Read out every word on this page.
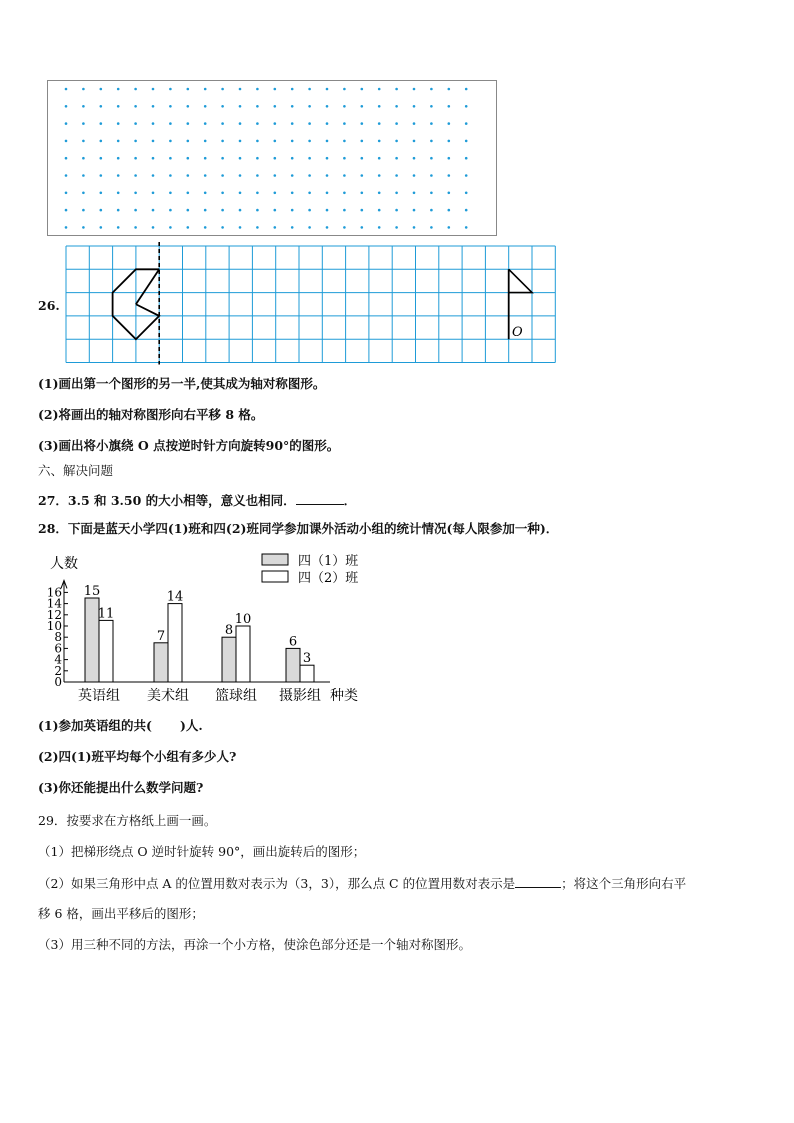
26.
O
(1)画出第一个图形的另一半,使其成为轴对称图形。
(2)将画出的轴对称图形向右平移 8 格。
(3)画出将小旗绕 O 点按逆时针方向旋转90°的图形。
六、解决问题
27．3.5 和 3.50 的大小相等，意义也相同．	．
28．下面是蓝天小学四(1)班和四(2)班同学参加课外活动小组的统计情况(每人限参加一种)．
人数
0
2
4
6
8
10
12
14
16 15
11
英语组
7
14
美术组
8
10
篮球组
6
3
摄影组 种类
四（1）班
四（2）班
(1)参加英语组的共( )人.
(2)四(1)班平均每个小组有多少人?
(3)你还能提出什么数学问题?
29．按要求在方格纸上画一画。
（1）把梯形绕点 O 逆时针旋转 90°，画出旋转后的图形；
（2）如果三角形中点 A 的位置用数对表示为（3，3），那么点 C 的位置用数对表示是	；将这个三角形向右平
移 6 格，画出平移后的图形；
（3）用三种不同的方法，再涂一个小方格，使涂色部分还是一个轴对称图形。
